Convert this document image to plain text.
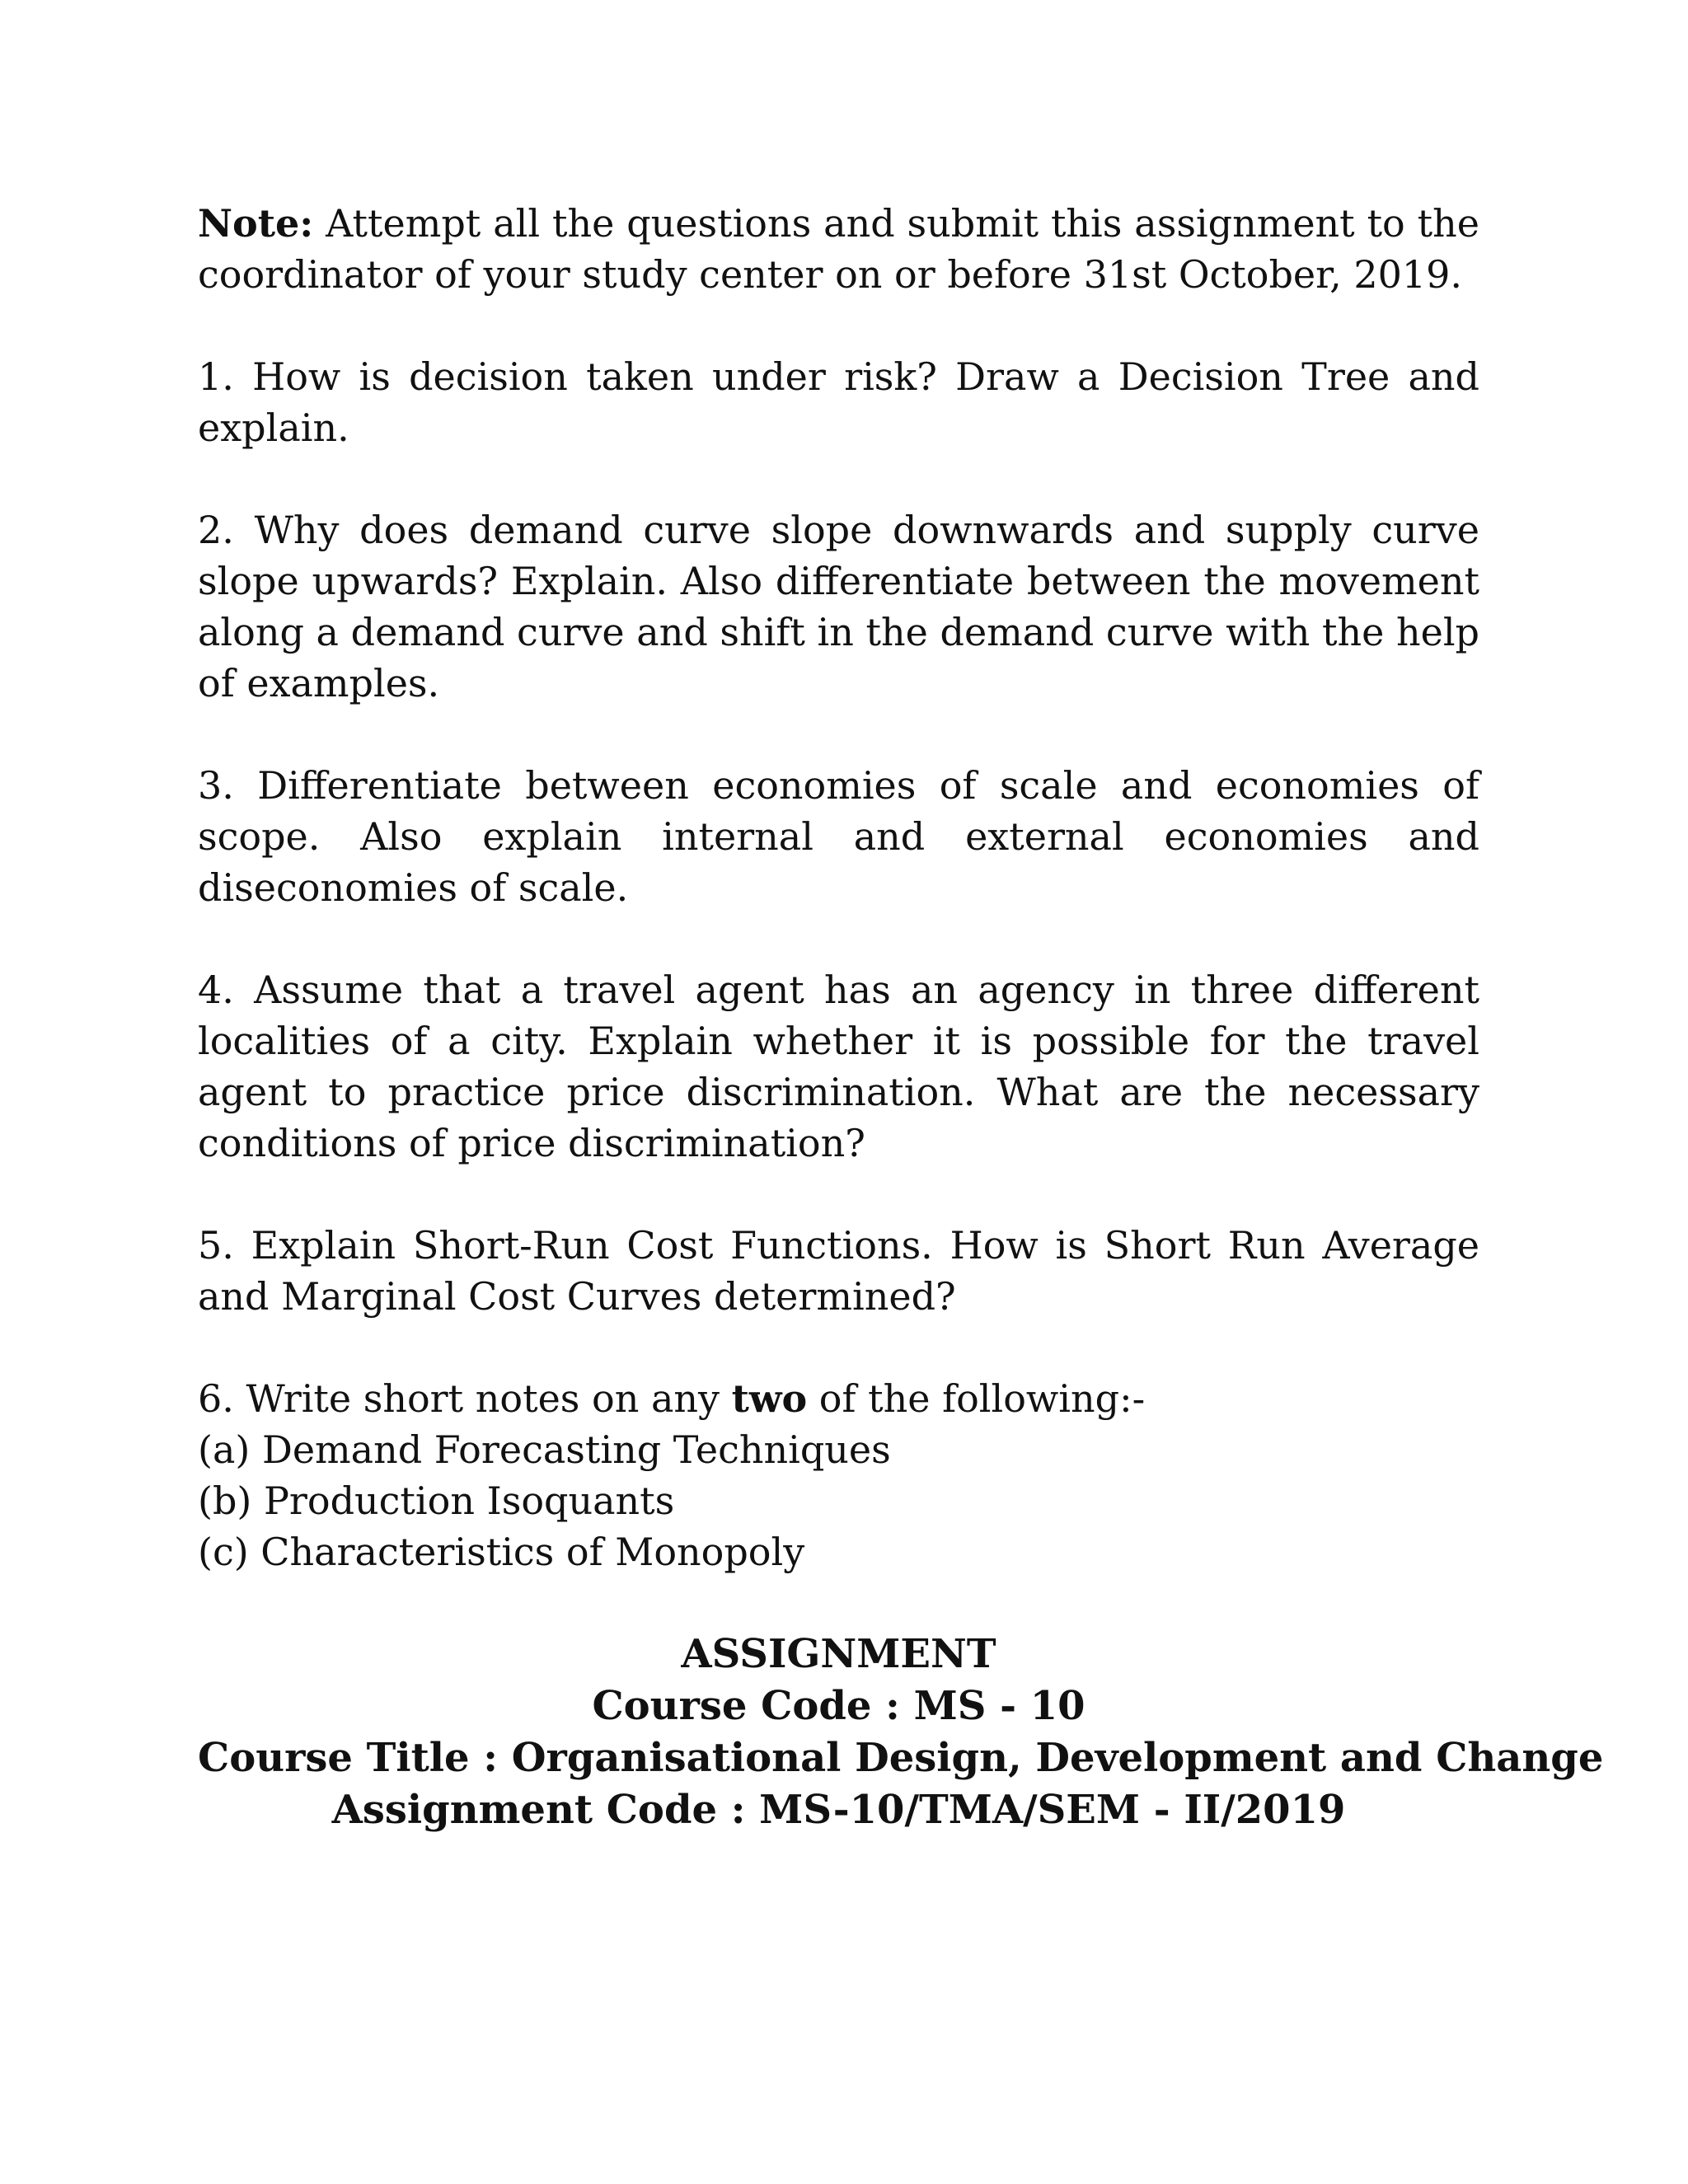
Note: Attempt all the questions and submit this assignment to the coordinator of your study center on or before 31st October, 2019.

1. How is decision taken under risk? Draw a Decision Tree and explain.

2. Why does demand curve slope downwards and supply curve slope upwards? Explain. Also differentiate between the movement along a demand curve and shift in the demand curve with the help of examples.

3. Differentiate between economies of scale and economies of scope. Also explain internal and external economies and diseconomies of scale.

4. Assume that a travel agent has an agency in three different localities of a city. Explain whether it is possible for the travel agent to practice price discrimination. What are the necessary conditions of price discrimination?

5. Explain Short-Run Cost Functions. How is Short Run Average and Marginal Cost Curves determined?

6. Write short notes on any two of the following:-

(a) Demand Forecasting Techniques

(b) Production Isoquants

(c) Characteristics of Monopoly

ASSIGNMENT
Course Code : MS - 10
Course Title : Organisational Design, Development and Change
Assignment Code : MS-10/TMA/SEM - II/2019
